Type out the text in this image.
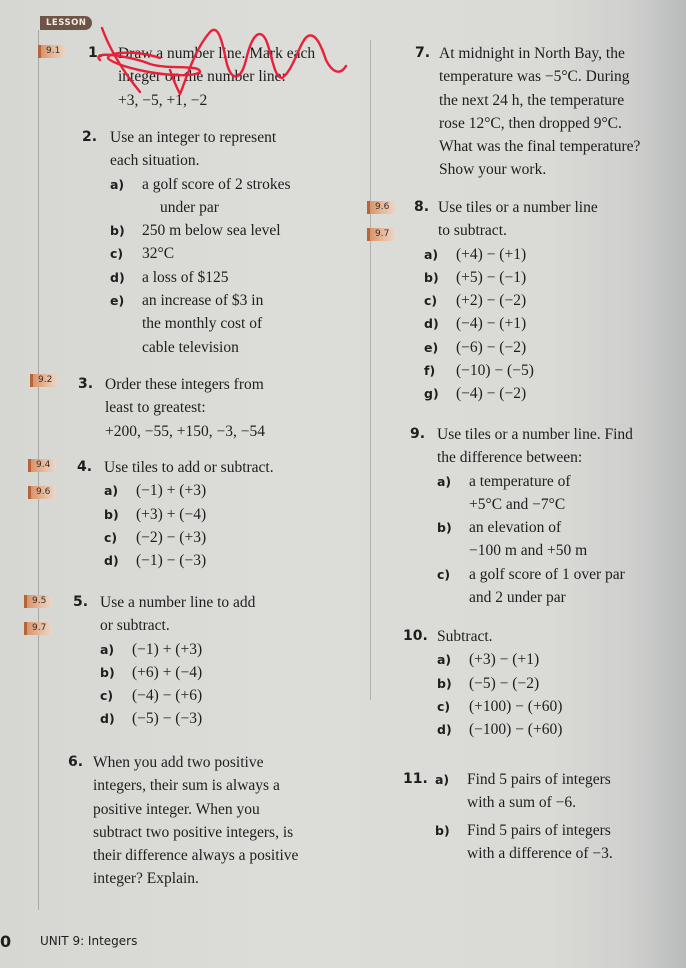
LESSON
9.1
9.2
9.4
9.6
9.5
9.7
9.6
9.7
1. Draw a number line. Mark each
integer on the number line:
+3, −5, +1, −2
2. Use an integer to represent
each situation.
a) a golf score of 2 strokes
under par
b) 250 m below sea level
c) 32°C
d) a loss of $125
e) an increase of $3 in
the monthly cost of
cable television
3. Order these integers from
least to greatest:
+200, −55, +150, −3, −54
4. Use tiles to add or subtract.
a)	(−1) + (+3)
b)	(+3) + (−4)
c)	(−2) − (+3)
d)	(−1) − (−3)
5. Use a number line to add
or subtract.
a)	(−1) + (+3)
b)	(+6) + (−4)
c)	(−4) − (+6)
d)	(−5) − (−3)
6. When you add two positive
integers, their sum is always a
positive integer. When you
subtract two positive integers, is
their difference always a positive
integer? Explain.
7. At midnight in North Bay, the
temperature was −5°C. During
the next 24 h, the temperature
rose 12°C, then dropped 9°C.
What was the final temperature?
Show your work.
8. Use tiles or a number line
to subtract.
a)	(+4) − (+1)
b)	(+5) − (−1)
c)	(+2) − (−2)
d)	(−4) − (+1)
e)	(−6) − (−2)
f)	(−10) − (−5)
g)	(−4) − (−2)
9. Use tiles or a number line. Find
the difference between:
a) a temperature of
+5°C and −7°C
b) an elevation of
−100 m and +50 m
c) a golf score of 1 over par
and 2 under par
10. Subtract.
a)	(+3) − (+1)
b)	(−5) − (−2)
c)	(+100) − (+60)
d)	(−100) − (+60)
11. a) Find 5 pairs of integers
with a sum of −6.
b) Find 5 pairs of integers
with a difference of −3.
0 UNIT 9: Integers
